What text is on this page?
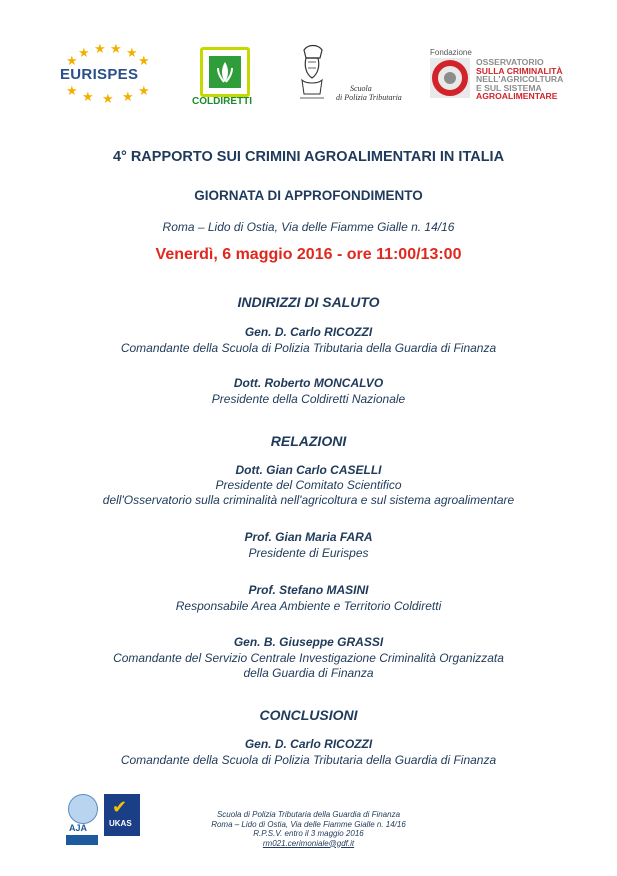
★ ★ ★ ★
★	★
EURISPES
★ ★ ★ ★ ★
COLDIRETTI
Scuola
di Polizia Tributaria
Fondazione
OSSERVATORIO
SULLA CRIMINALITÀ
NELL'AGRICOLTURA
E SUL SISTEMA
AGROALIMENTARE
4° RAPPORTO SUI CRIMINI AGROALIMENTARI IN ITALIA
GIORNATA DI APPROFONDIMENTO
Roma – Lido di Ostia, Via delle Fiamme Gialle n. 14/16
Venerdì, 6 maggio 2016 - ore 11:00/13:00
INDIRIZZI DI SALUTO
Gen. D. Carlo RICOZZI
Comandante della Scuola di Polizia Tributaria della Guardia di Finanza
Dott. Roberto MONCALVO
Presidente della Coldiretti Nazionale
RELAZIONI
Dott. Gian Carlo CASELLI
Presidente del Comitato Scientifico
dell'Osservatorio sulla criminalità nell'agricoltura e sul sistema agroalimentare
Prof. Gian Maria FARA
Presidente di Eurispes
Prof. Stefano MASINI
Responsabile Area Ambiente e Territorio Coldiretti
Gen. B. Giuseppe GRASSI
Comandante del Servizio Centrale Investigazione Criminalità Organizzata
della Guardia di Finanza
CONCLUSIONI
Gen. D. Carlo RICOZZI
Comandante della Scuola di Polizia Tributaria della Guardia di Finanza
AJA
✔
UKAS
Scuola di Polizia Tributaria della Guardia di Finanza
Roma – Lido di Ostia, Via delle Fiamme Gialle n. 14/16
R.P.S.V. entro il 3 maggio 2016
rm021.cerimoniale@gdf.it
